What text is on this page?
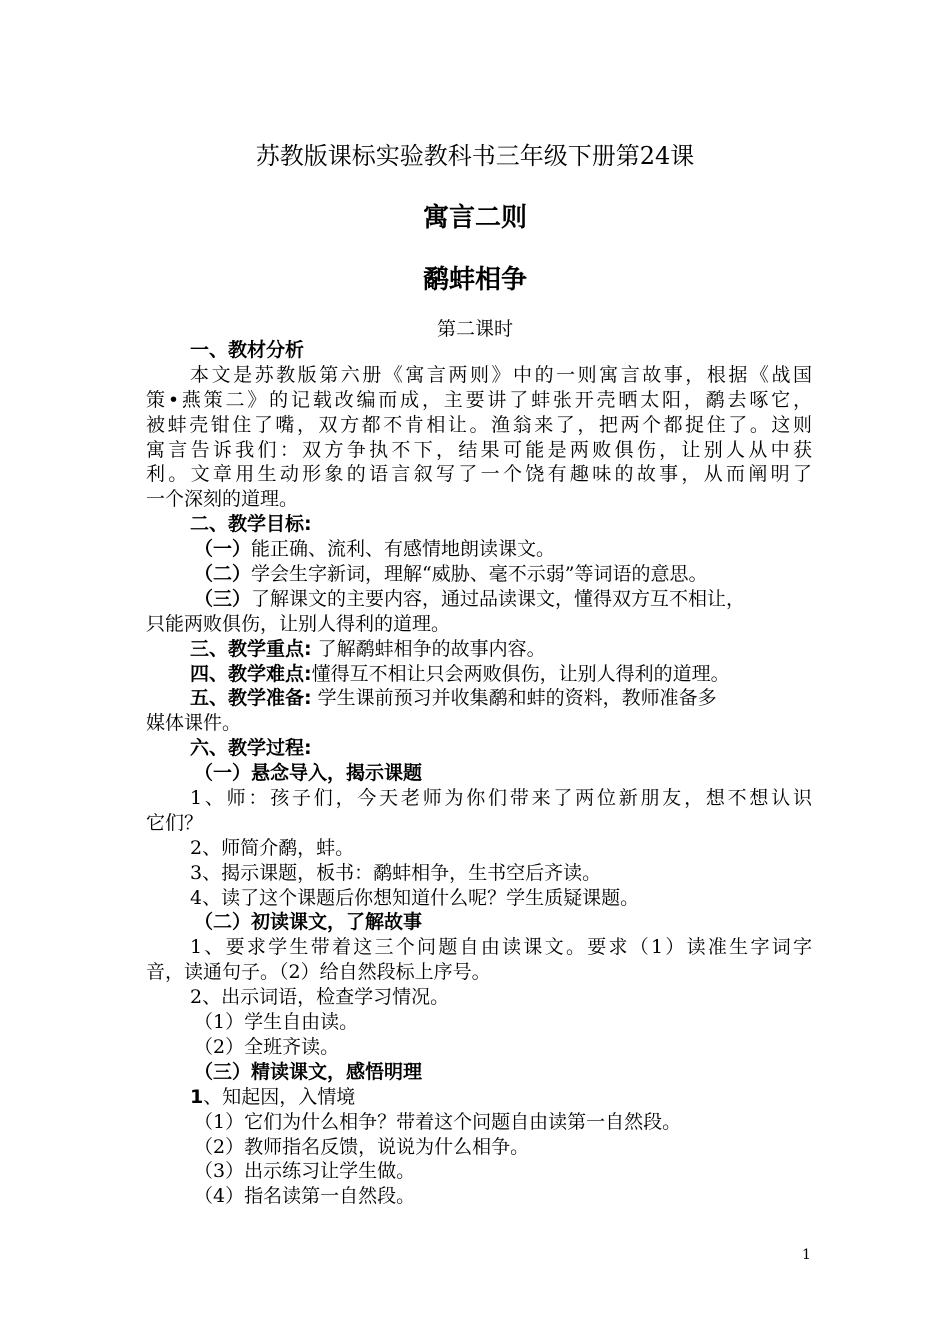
苏教版课标实验教科书三年级下册第24课
寓言二则
鹬蚌相争
第二课时
一、教材分析
本文是苏教版第六册《寓言两则》中的一则寓言故事，根据《战国
策•燕策二》的记载改编而成，主要讲了蚌张开壳晒太阳，鹬去啄它，
被蚌壳钳住了嘴，双方都不肯相让。渔翁来了，把两个都捉住了。这则
寓言告诉我们：双方争执不下，结果可能是两败俱伤，让别人从中获
利。文章用生动形象的语言叙写了一个饶有趣味的故事，从而阐明了
一个深刻的道理。
二、教学目标:
（一）能正确、流利、有感情地朗读课文。
（二）学会生字新词，理解“威胁、毫不示弱”等词语的意思。
（三）了解课文的主要内容，通过品读课文，懂得双方互不相让，
只能两败俱伤，让别人得利的道理。
三、教学重点: 了解鹬蚌相争的故事内容。
四、教学难点:懂得互不相让只会两败俱伤，让别人得利的道理。
五、教学准备: 学生课前预习并收集鹬和蚌的资料，教师准备多
媒体课件。
六、教学过程:
（一）悬念导入，揭示课题
1、师：孩子们，今天老师为你们带来了两位新朋友，想不想认识
它们？
2、师简介鹬，蚌。
3、揭示课题，板书：鹬蚌相争，生书空后齐读。
4、读了这个课题后你想知道什么呢？学生质疑课题。
（二）初读课文，了解故事
1、要求学生带着这三个问题自由读课文。要求（1）读准生字词字
音，读通句子。（2）给自然段标上序号。
2、出示词语，检查学习情况。
（1）学生自由读。
（2）全班齐读。
（三）精读课文，感悟明理
1、知起因，入情境
（1）它们为什么相争？带着这个问题自由读第一自然段。
（2）教师指名反馈，说说为什么相争。
（3）出示练习让学生做。
（4）指名读第一自然段。
1
